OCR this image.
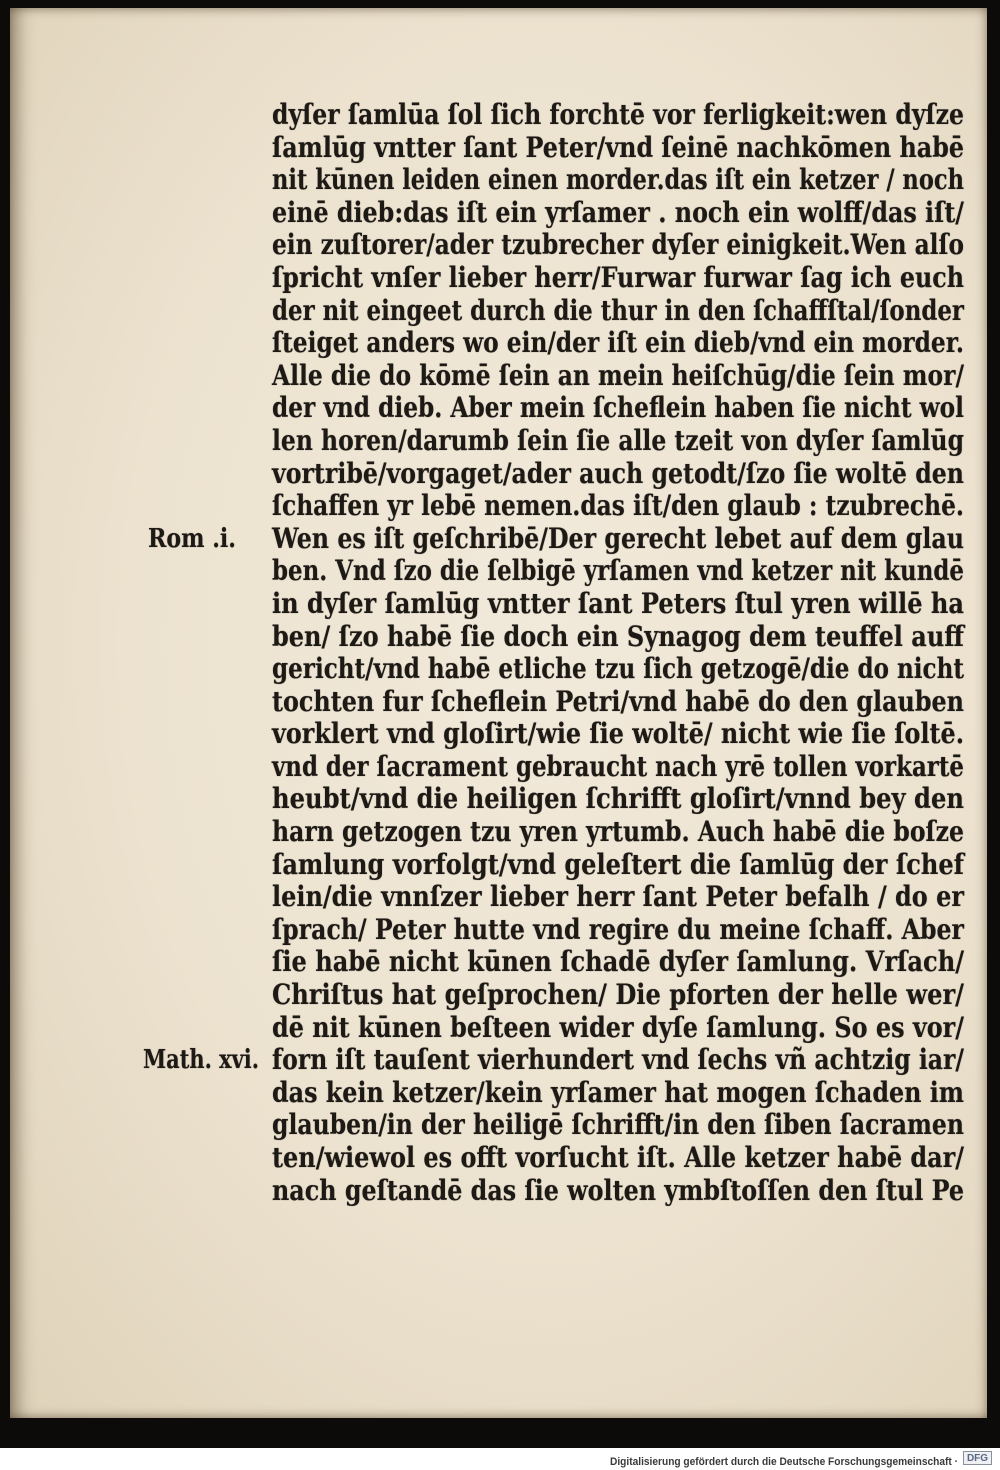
Rom .i.
Math. xvi.
dyſer ſamlūa ſol ſich forchtē vor ferligkeit:wen dyſze
ſamlūg vntter ſant Peter/vnd ſeinē nachkōmen habē
nit kūnen leiden einen morder.das iſt ein ketzer / noch
einē dieb:das iſt ein yrſamer . noch ein wolff/das iſt/
ein zuſtorer/ader tzubrecher dyſer einigkeit.Wen alſo
ſpricht vnſer lieber herr/Furwar furwar ſag ich euch
der nit eingeet durch die thur in den ſchaffſtal/ſonder
ſteiget anders wo ein/der iſt ein dieb/vnd ein morder.
Alle die do kōmē ſein an mein heiſchūg/die ſein mor/
der vnd dieb. Aber mein ſcheflein haben ſie nicht wol
len horen/darumb ſein ſie alle tzeit von dyſer ſamlūg
vortribē/vorgaget/ader auch getodt/ſzo ſie woltē den
ſchaffen yr lebē nemen.das iſt/den glaub : tzubrechē.
Wen es iſt geſchribē/Der gerecht lebet auf dem glau
ben. Vnd ſzo die ſelbigē yrſamen vnd ketzer nit kundē
in dyſer ſamlūg vntter ſant Peters ſtul yren willē ha
ben/ ſzo habē ſie doch ein Synagog dem teuffel auff
gericht/vnd habē etliche tzu ſich getzogē/die do nicht
tochten fur ſcheflein Petri/vnd habē do den glauben
vorklert vnd gloſirt/wie ſie woltē/ nicht wie ſie ſoltē.
vnd der ſacrament gebraucht nach yrē tollen vorkartē
heubt/vnd die heiligen ſchrifft gloſirt/vnnd bey den
harn getzogen tzu yren yrtumb. Auch habē die boſze
ſamlung vorfolgt/vnd geleſtert die ſamlūg der ſchef
lein/die vnnſzer lieber herr ſant Peter befalh / do er
ſprach/ Peter hutte vnd regire du meine ſchaff. Aber
ſie habē nicht kūnen ſchadē dyſer ſamlung. Vrſach/
Chriſtus hat geſprochen/ Die pforten der helle wer/
dē nit kūnen beſteen wider dyſe ſamlung. So es vor/
forn iſt tauſent vierhundert vnd ſechs vñ achtzig iar/
das kein ketzer/kein yrſamer hat mogen ſchaden im
glauben/in der heiligē ſchrifft/in den ſiben ſacramen
ten/wiewol es offt vorſucht iſt. Alle ketzer habē dar/
nach geſtandē das ſie wolten ymbſtoſſen den ſtul Pe
Digitalisierung gefördert durch die Deutsche Forschungsgemeinschaft · DFG
